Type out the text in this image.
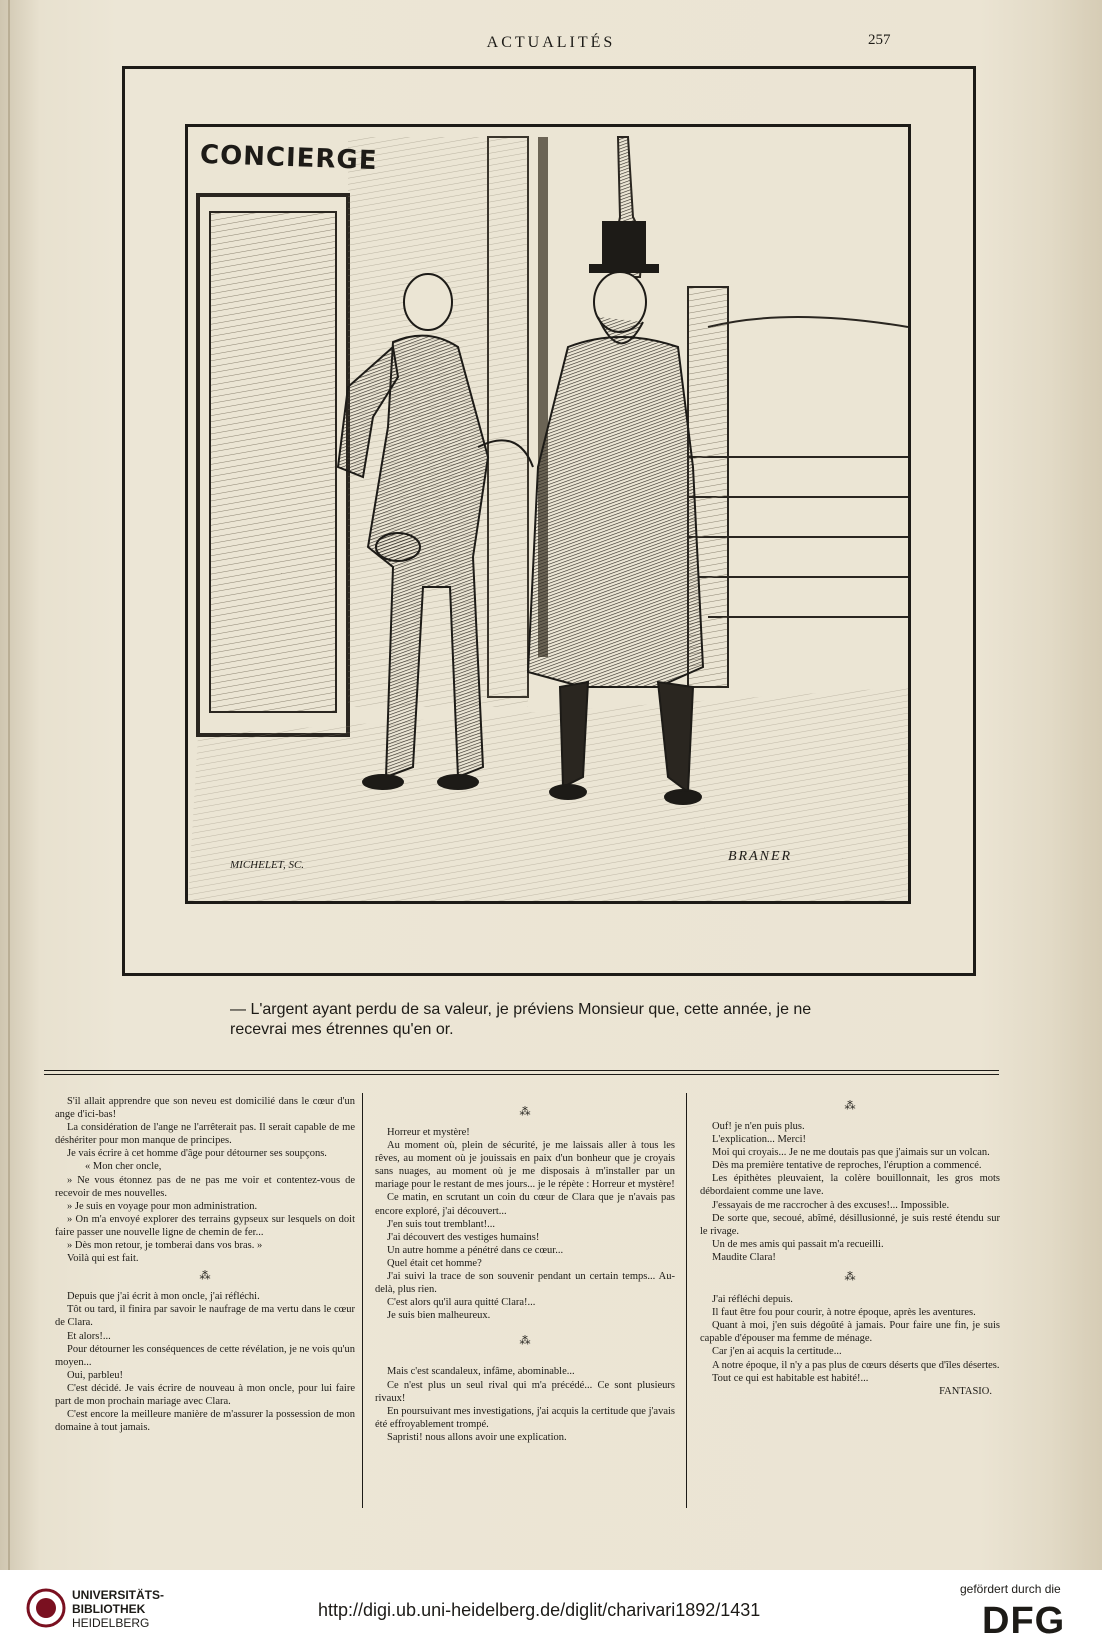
ACTUALITÉS	257
CONCIERGE
MICHELET, SC.
BRANER
— L'argent ayant perdu de sa valeur, je préviens Monsieur que, cette année, je ne recevrai mes étrennes qu'en or.

S'il allait apprendre que son neveu est domicilié dans le cœur d'un ange d'ici-bas!

La considération de l'ange ne l'arrêterait pas. Il serait capable de me déshériter pour mon manque de principes.

Je vais écrire à cet homme d'âge pour détourner ses soupçons.

« Mon cher oncle,

» Ne vous étonnez pas de ne pas me voir et contentez-vous de recevoir de mes nouvelles.

» Je suis en voyage pour mon administration.

» On m'a envoyé explorer des terrains gypseux sur lesquels on doit faire passer une nouvelle ligne de chemin de fer...

» Dès mon retour, je tomberai dans vos bras. »

Voilà qui est fait.

⁂

Depuis que j'ai écrit à mon oncle, j'ai réfléchi.

Tôt ou tard, il finira par savoir le naufrage de ma vertu dans le cœur de Clara.

Et alors!...

Pour détourner les conséquences de cette révélation, je ne vois qu'un moyen...

Oui, parbleu!

C'est décidé. Je vais écrire de nouveau à mon oncle, pour lui faire part de mon prochain mariage avec Clara.

C'est encore la meilleure manière de m'assurer la possession de mon domaine à tout jamais.

⁂

Horreur et mystère!

Au moment où, plein de sécurité, je me laissais aller à tous les rêves, au moment où je jouissais en paix d'un bonheur que je croyais sans nuages, au moment où je me disposais à m'installer par un mariage pour le restant de mes jours... je le répète : Horreur et mystère!

Ce matin, en scrutant un coin du cœur de Clara que je n'avais pas encore exploré, j'ai découvert...

J'en suis tout tremblant!...

J'ai découvert des vestiges humains!

Un autre homme a pénétré dans ce cœur...

Quel était cet homme?

J'ai suivi la trace de son souvenir pendant un certain temps... Au-delà, plus rien.

C'est alors qu'il aura quitté Clara!...

Je suis bien malheureux.

⁂

Mais c'est scandaleux, infâme, abominable...

Ce n'est plus un seul rival qui m'a précédé... Ce sont plusieurs rivaux!

En poursuivant mes investigations, j'ai acquis la certitude que j'avais été effroyablement trompé.

Sapristi! nous allons avoir une explication.

⁂

Ouf! je n'en puis plus.

L'explication... Merci!

Moi qui croyais... Je ne me doutais pas que j'aimais sur un volcan.

Dès ma première tentative de reproches, l'éruption a commencé.

Les épithètes pleuvaient, la colère bouillonnait, les gros mots débordaient comme une lave.

J'essayais de me raccrocher à des excuses!... Impossible.

De sorte que, secoué, abîmé, désillusionné, je suis resté étendu sur le rivage.

Un de mes amis qui passait m'a recueilli.

Maudite Clara!

⁂

J'ai réfléchi depuis.

Il faut être fou pour courir, à notre époque, après les aventures.

Quant à moi, j'en suis dégoûté à jamais. Pour faire une fin, je suis capable d'épouser ma femme de ménage.

Car j'en ai acquis la certitude...

A notre époque, il n'y a pas plus de cœurs déserts que d'îles désertes.

Tout ce qui est habitable est habité!...

FANTASIO.

UNIVERSITÄTS-
BIBLIOTHEK
HEIDELBERG
http://digi.ub.uni-heidelberg.de/diglit/charivari1892/1431
gefördert durch die
DFG
